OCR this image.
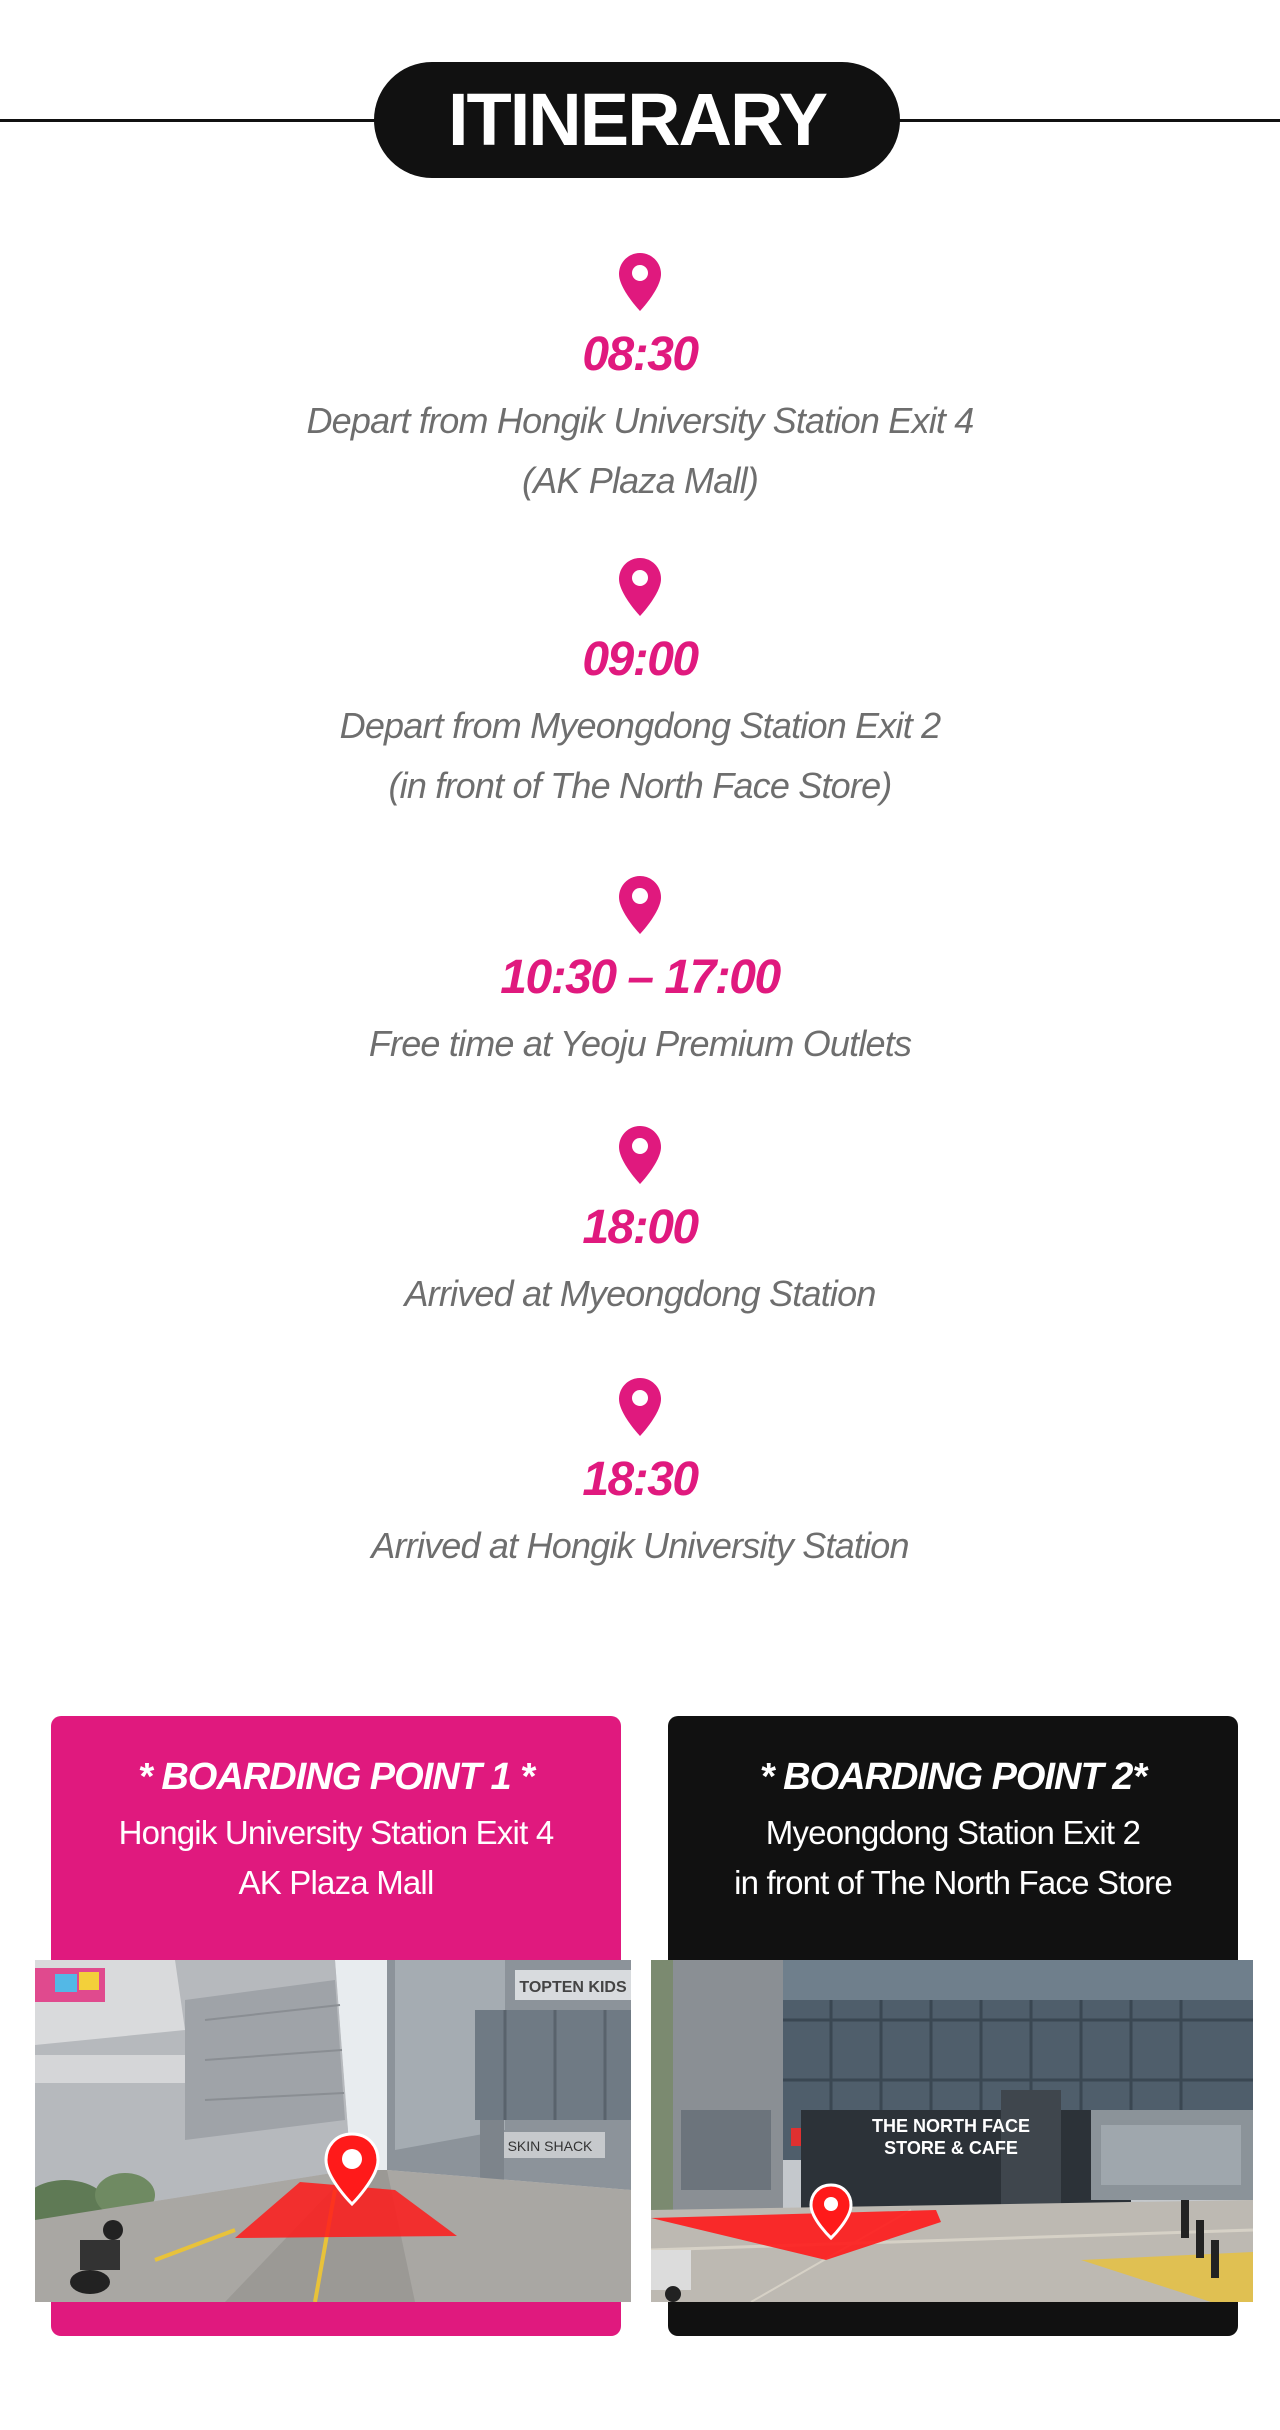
ITINERARY
08:30
Depart from Hongik University Station Exit 4
(AK Plaza Mall)
09:00
Depart from Myeongdong Station Exit 2
(in front of The North Face Store)
10:30 – 17:00
Free time at Yeoju Premium Outlets
18:00
Arrived at Myeongdong Station
18:30
Arrived at Hongik University Station
* BOARDING POINT 1 *
Hongik University Station Exit 4
AK Plaza Mall
* BOARDING POINT 2*
Myeongdong Station Exit 2
in front of The North Face Store
TOPTEN KIDS
SKIN SHACK
THE NORTH FACE
STORE & CAFE
